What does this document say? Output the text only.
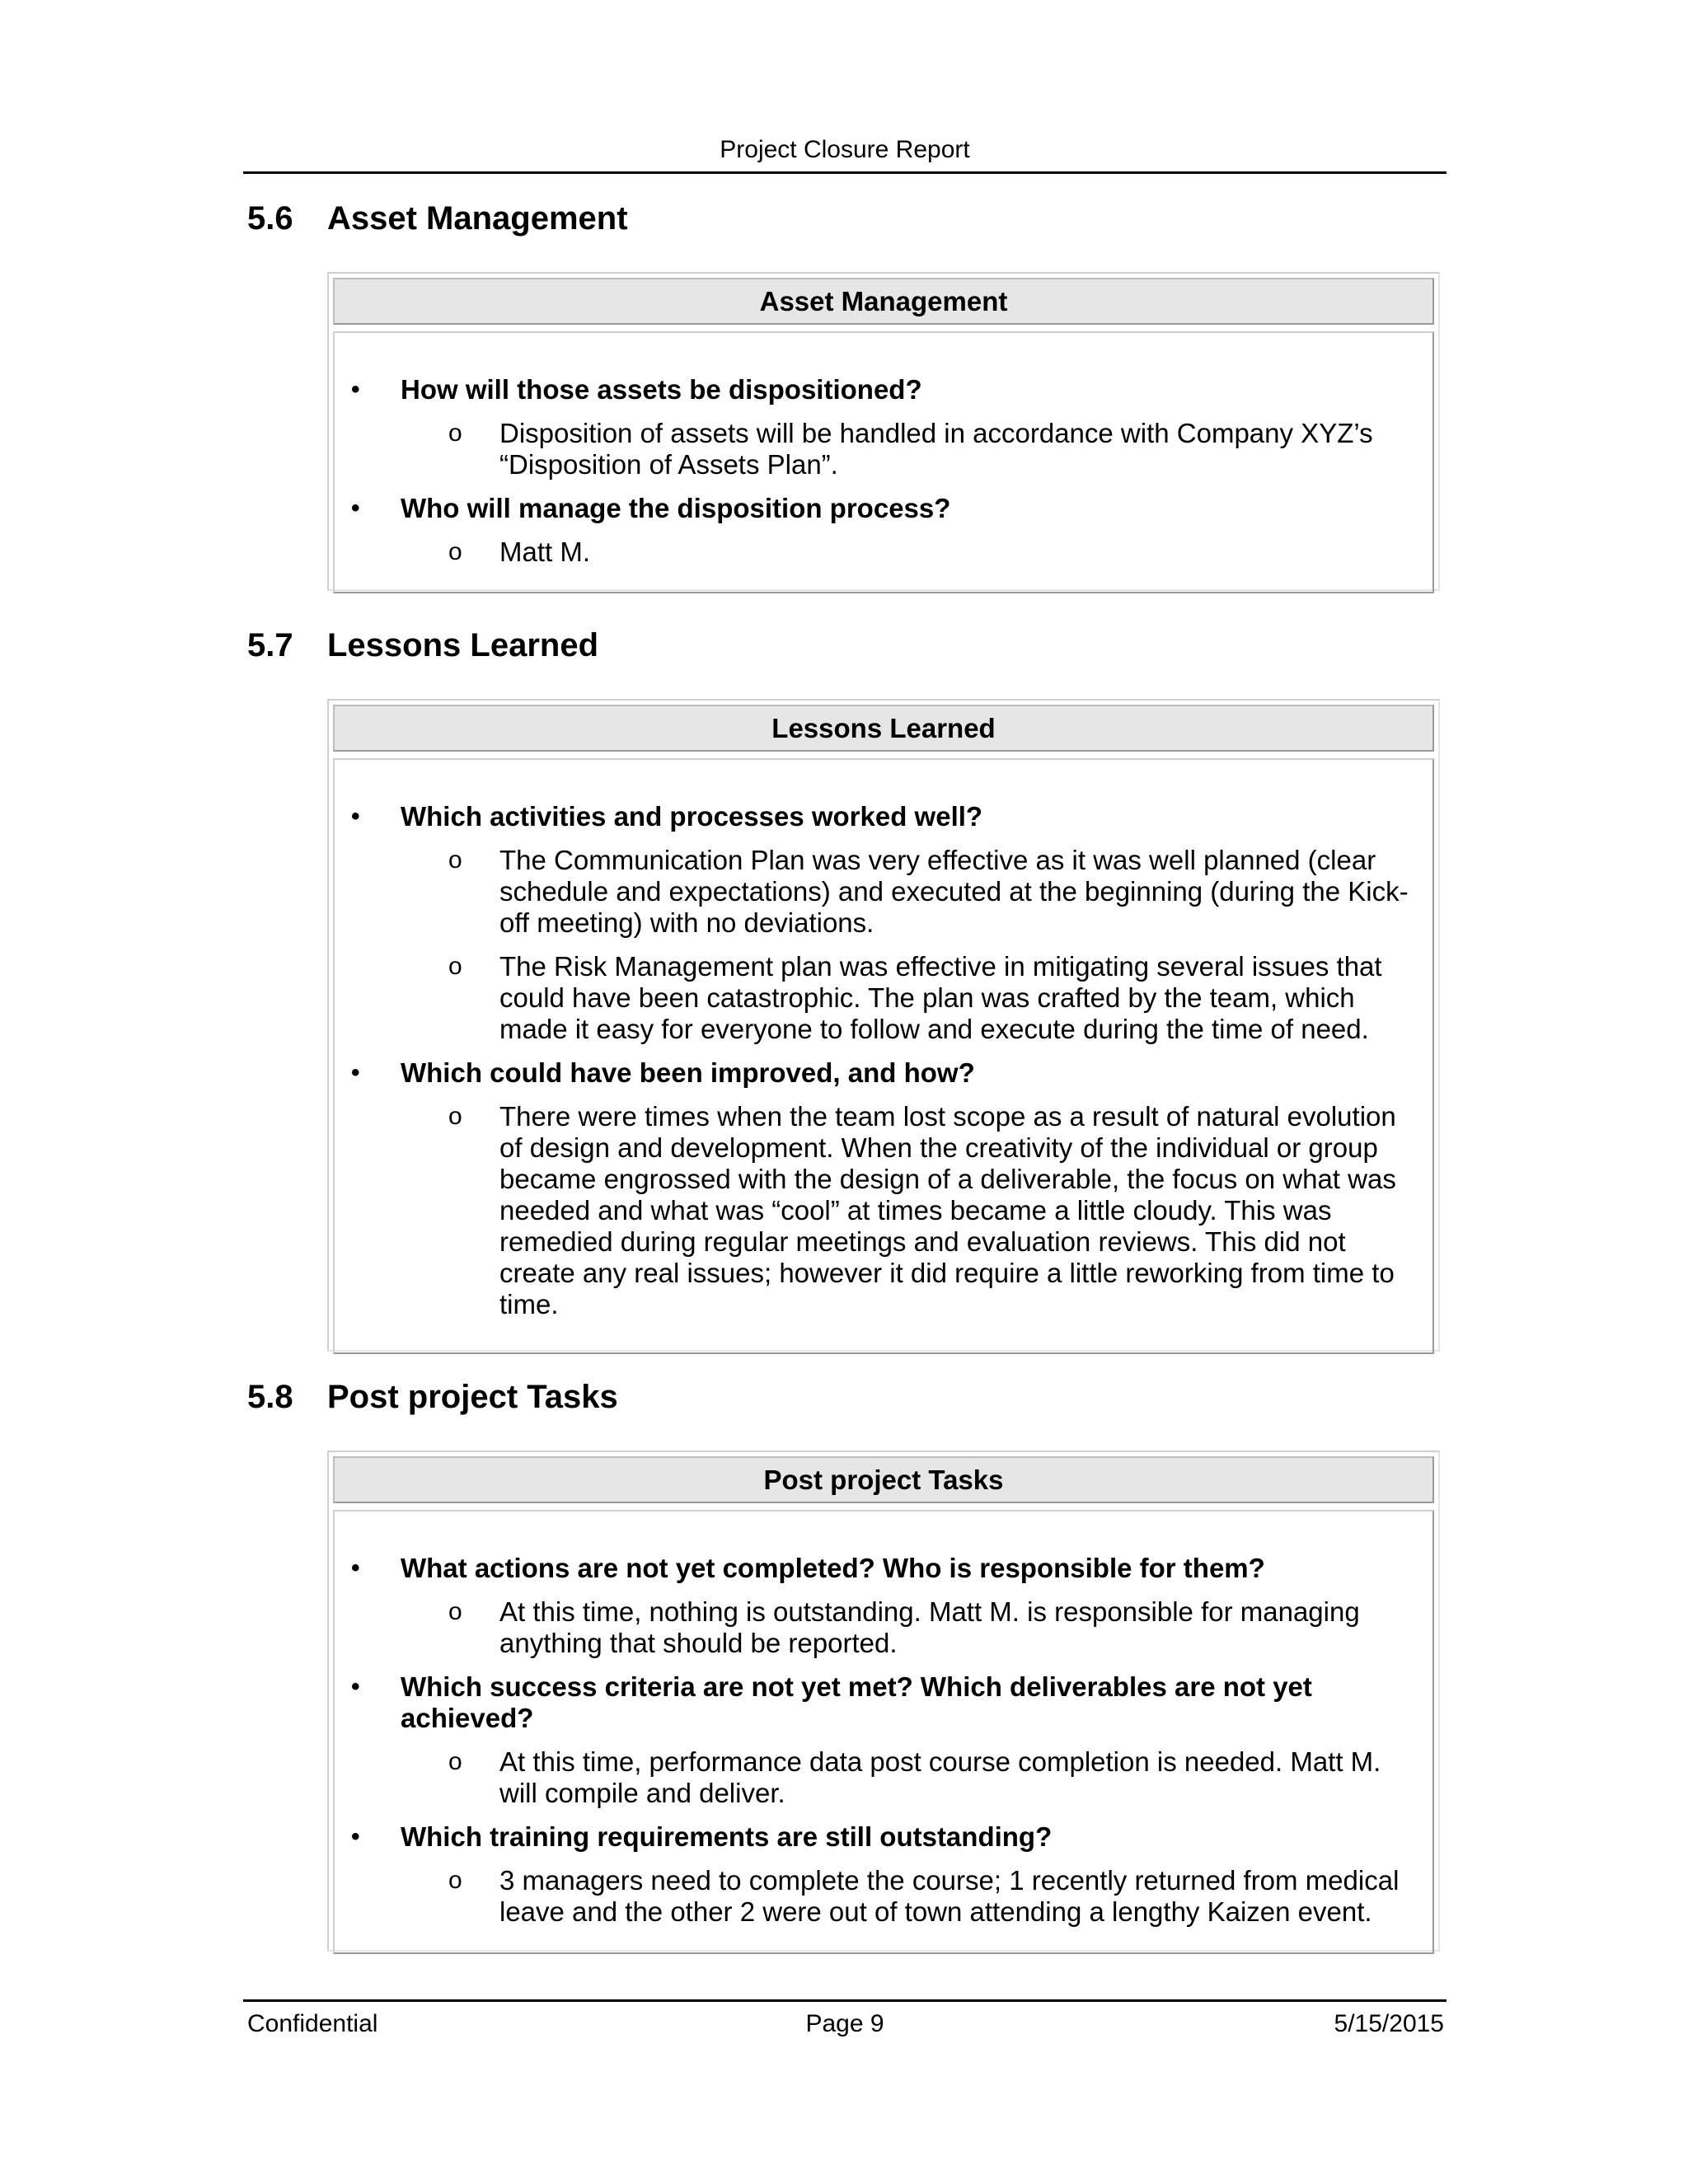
Project Closure Report
5.6 Asset Management
Asset Management
• How will those assets be dispositioned?
o Disposition of assets will be handled in accordance with Company XYZ’s “Disposition of Assets Plan”.
• Who will manage the disposition process?
o Matt M.
5.7 Lessons Learned
Lessons Learned
• Which activities and processes worked well?
o The Communication Plan was very effective as it was well planned (clear schedule and expectations) and executed at the beginning (during the Kick-off meeting) with no deviations.
o The Risk Management plan was effective in mitigating several issues that could have been catastrophic. The plan was crafted by the team, which made it easy for everyone to follow and execute during the time of need.
• Which could have been improved, and how?
o There were times when the team lost scope as a result of natural evolution of design and development. When the creativity of the individual or group became engrossed with the design of a deliverable, the focus on what was needed and what was “cool” at times became a little cloudy. This was remedied during regular meetings and evaluation reviews. This did not create any real issues; however it did require a little reworking from time to time.
5.8 Post project Tasks
Post project Tasks
• What actions are not yet completed? Who is responsible for them?
o At this time, nothing is outstanding. Matt M. is responsible for managing anything that should be reported.
• Which success criteria are not yet met? Which deliverables are not yet achieved?
o At this time, performance data post course completion is needed. Matt M. will compile and deliver.
• Which training requirements are still outstanding?
o 3 managers need to complete the course; 1 recently returned from medical leave and the other 2 were out of town attending a lengthy Kaizen event.
Confidential	Page 9	5/15/2015
